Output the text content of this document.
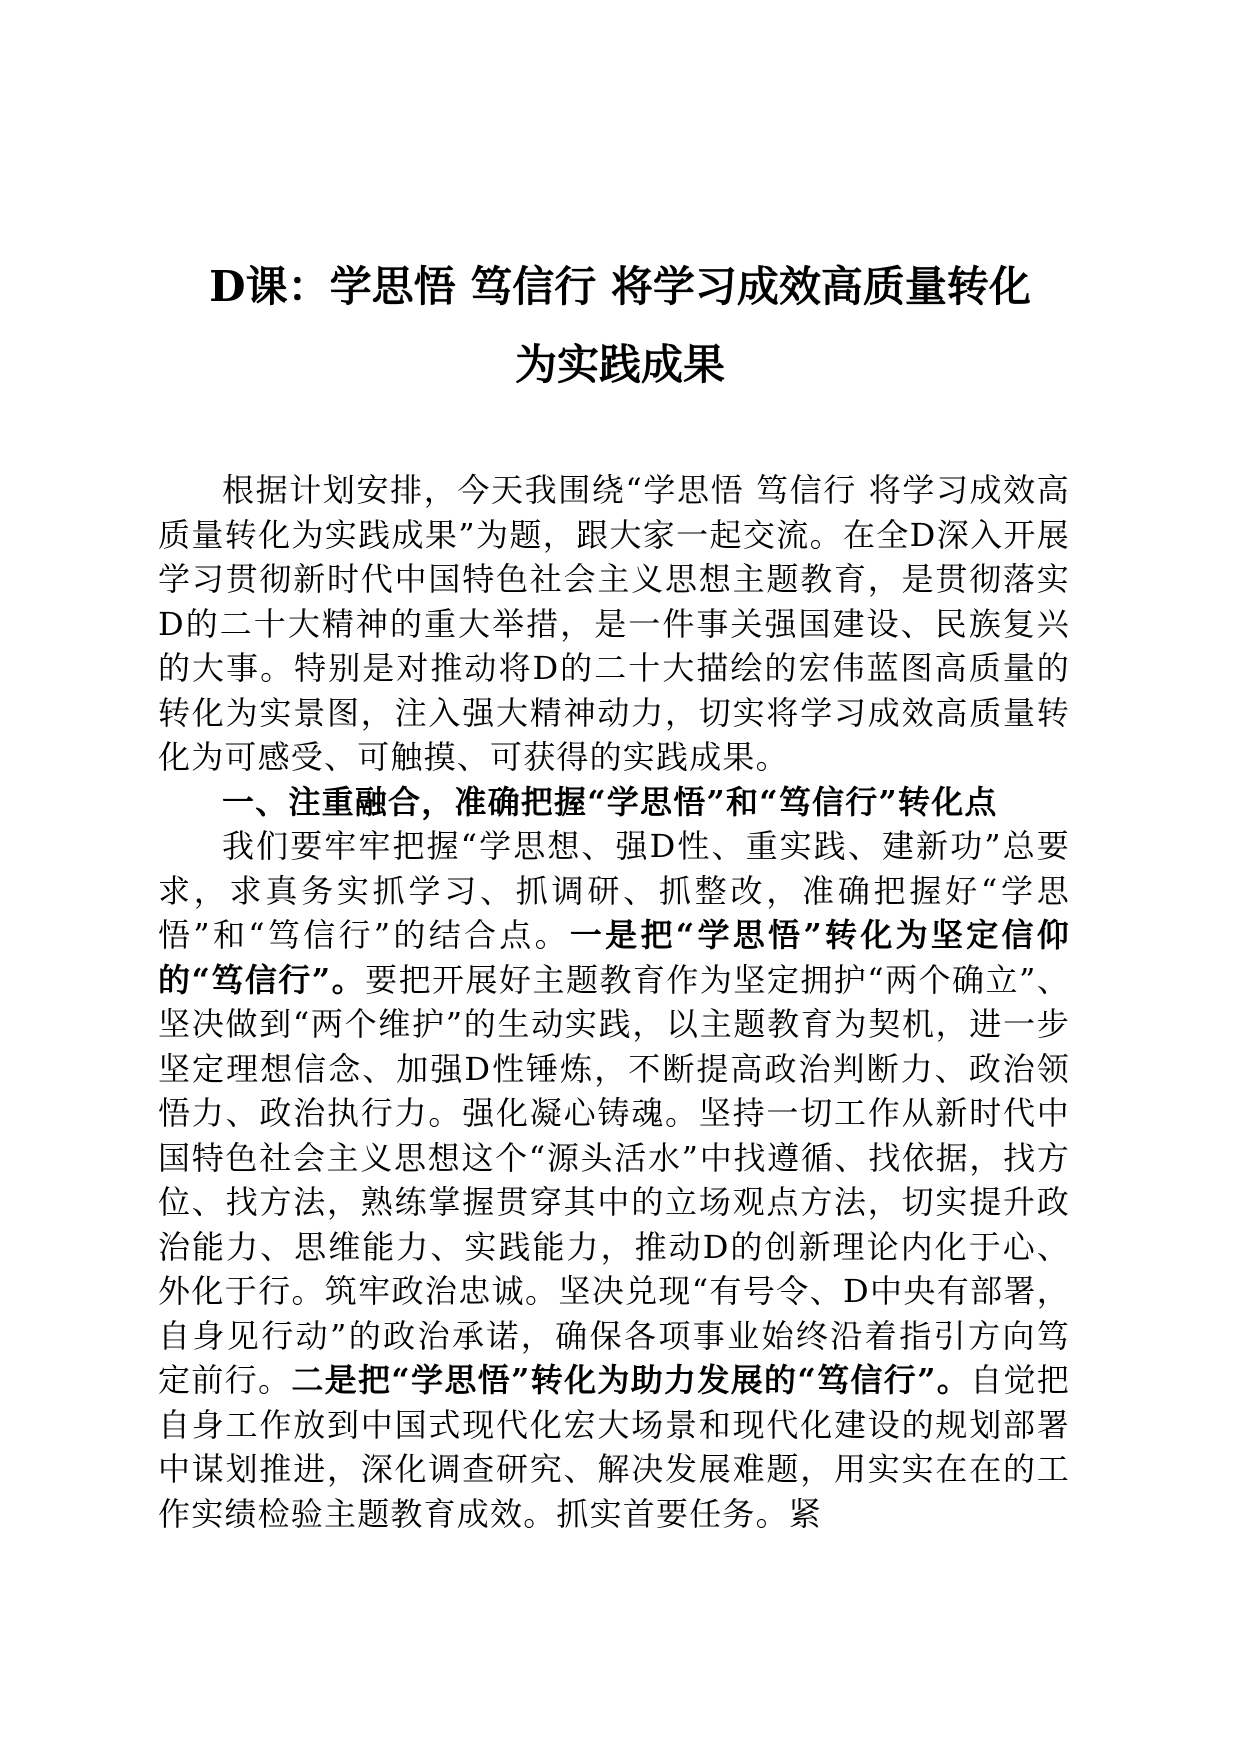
D课：学思悟 笃信行 将学习成效高质量转化
为实践成果

根据计划安排，今天我围绕“学思悟 笃信行 将学习成效高质量转化为实践成果”为题，跟大家一起交流。在全D深入开展学习贯彻新时代中国特色社会主义思想主题教育，是贯彻落实D的二十大精神的重大举措，是一件事关强国建设、民族复兴的大事。特别是对推动将D的二十大描绘的宏伟蓝图高质量的转化为实景图，注入强大精神动力，切实将学习成效高质量转化为可感受、可触摸、可获得的实践成果。

一、注重融合，准确把握“学思悟”和“笃信行”转化点

我们要牢牢把握“学思想、强D性、重实践、建新功”总要求，求真务实抓学习、抓调研、抓整改，准确把握好“学思悟”和“笃信行”的结合点。一是把“学思悟”转化为坚定信仰的“笃信行”。要把开展好主题教育作为坚定拥护“两个确立”、坚决做到“两个维护”的生动实践，以主题教育为契机，进一步坚定理想信念、加强D性锤炼，不断提高政治判断力、政治领悟力、政治执行力。强化凝心铸魂。坚持一切工作从新时代中国特色社会主义思想这个“源头活水”中找遵循、找依据，找方位、找方法，熟练掌握贯穿其中的立场观点方法，切实提升政治能力、思维能力、实践能力，推动D的创新理论内化于心、外化于行。筑牢政治忠诚。坚决兑现“有号令、D中央有部署，自身见行动”的政治承诺，确保各项事业始终沿着指引方向笃定前行。二是把“学思悟”转化为助力发展的“笃信行”。自觉把自身工作放到中国式现代化宏大场景和现代化建设的规划部署中谋划推进，深化调查研究、解决发展难题，用实实在在的工作实绩检验主题教育成效。抓实首要任务。紧
